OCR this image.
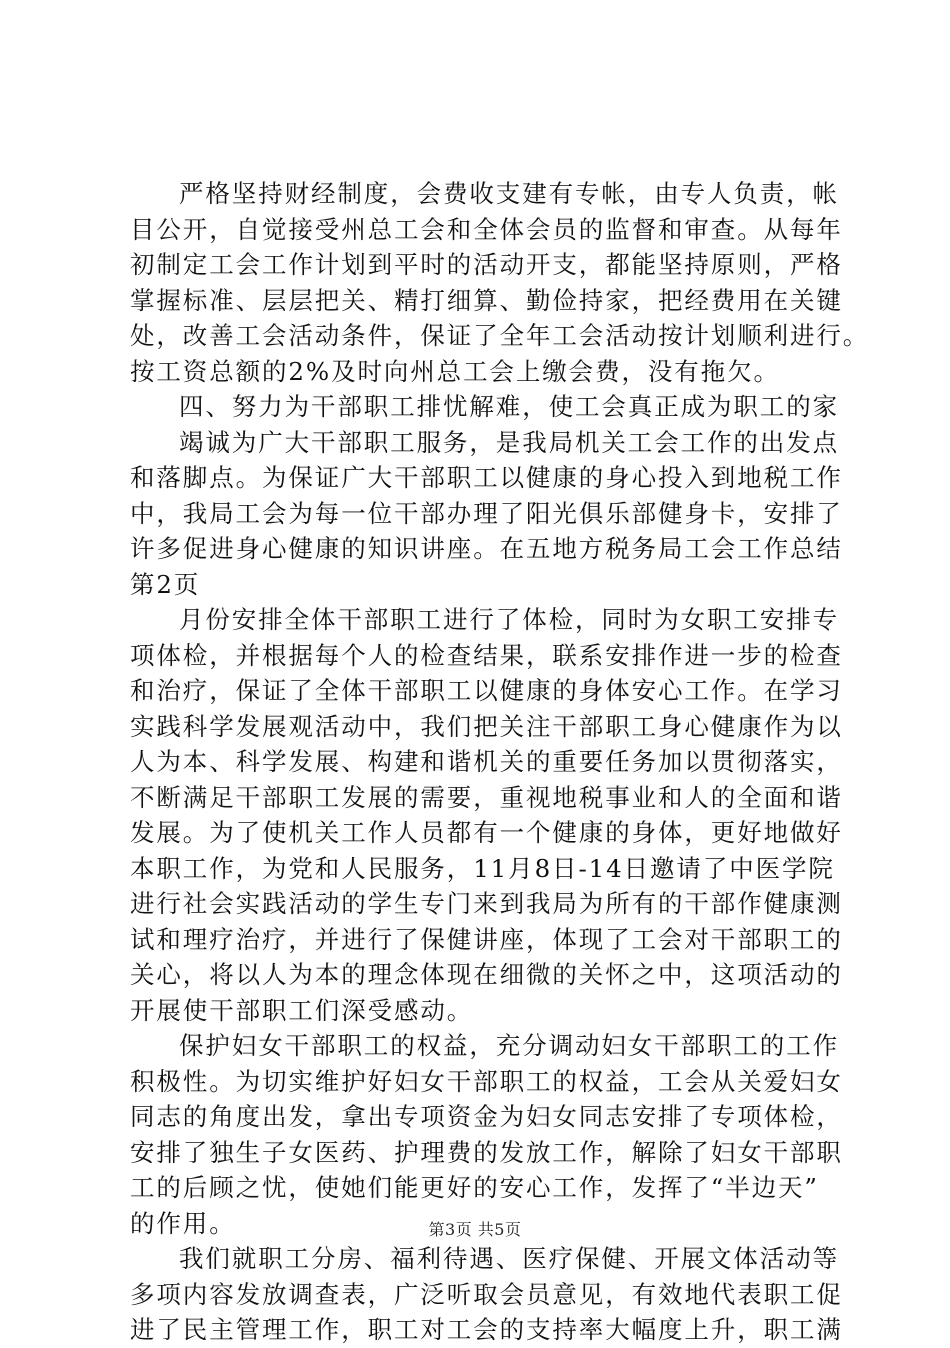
严格坚持财经制度，会费收支建有专帐，由专人负责，帐
目公开，自觉接受州总工会和全体会员的监督和审查。从每年
初制定工会工作计划到平时的活动开支，都能坚持原则，严格
掌握标准、层层把关、精打细算、勤俭持家，把经费用在关键
处，改善工会活动条件，保证了全年工会活动按计划顺利进行。
按工资总额的2%及时向州总工会上缴会费，没有拖欠。
四、努力为干部职工排忧解难，使工会真正成为职工的家
竭诚为广大干部职工服务，是我局机关工会工作的出发点
和落脚点。为保证广大干部职工以健康的身心投入到地税工作
中，我局工会为每一位干部办理了阳光俱乐部健身卡，安排了
许多促进身心健康的知识讲座。在五地方税务局工会工作总结
第2页
月份安排全体干部职工进行了体检，同时为女职工安排专
项体检，并根据每个人的检查结果，联系安排作进一步的检查
和治疗，保证了全体干部职工以健康的身体安心工作。在学习
实践科学发展观活动中，我们把关注干部职工身心健康作为以
人为本、科学发展、构建和谐机关的重要任务加以贯彻落实，
不断满足干部职工发展的需要，重视地税事业和人的全面和谐
发展。为了使机关工作人员都有一个健康的身体，更好地做好
本职工作，为党和人民服务，11月8日-14日邀请了中医学院
进行社会实践活动的学生专门来到我局为所有的干部作健康测
试和理疗治疗，并进行了保健讲座，体现了工会对干部职工的
关心，将以人为本的理念体现在细微的关怀之中，这项活动的
开展使干部职工们深受感动。
保护妇女干部职工的权益，充分调动妇女干部职工的工作
积极性。为切实维护好妇女干部职工的权益，工会从关爱妇女
同志的角度出发，拿出专项资金为妇女同志安排了专项体检，
安排了独生子女医药、护理费的发放工作，解除了妇女干部职
工的后顾之忧，使她们能更好的安心工作，发挥了“半边天”
的作用。
我们就职工分房、福利待遇、医疗保健、开展文体活动等
多项内容发放调查表，广泛听取会员意见，有效地代表职工促
进了民主管理工作，职工对工会的支持率大幅度上升，职工满
第3页 共5页
